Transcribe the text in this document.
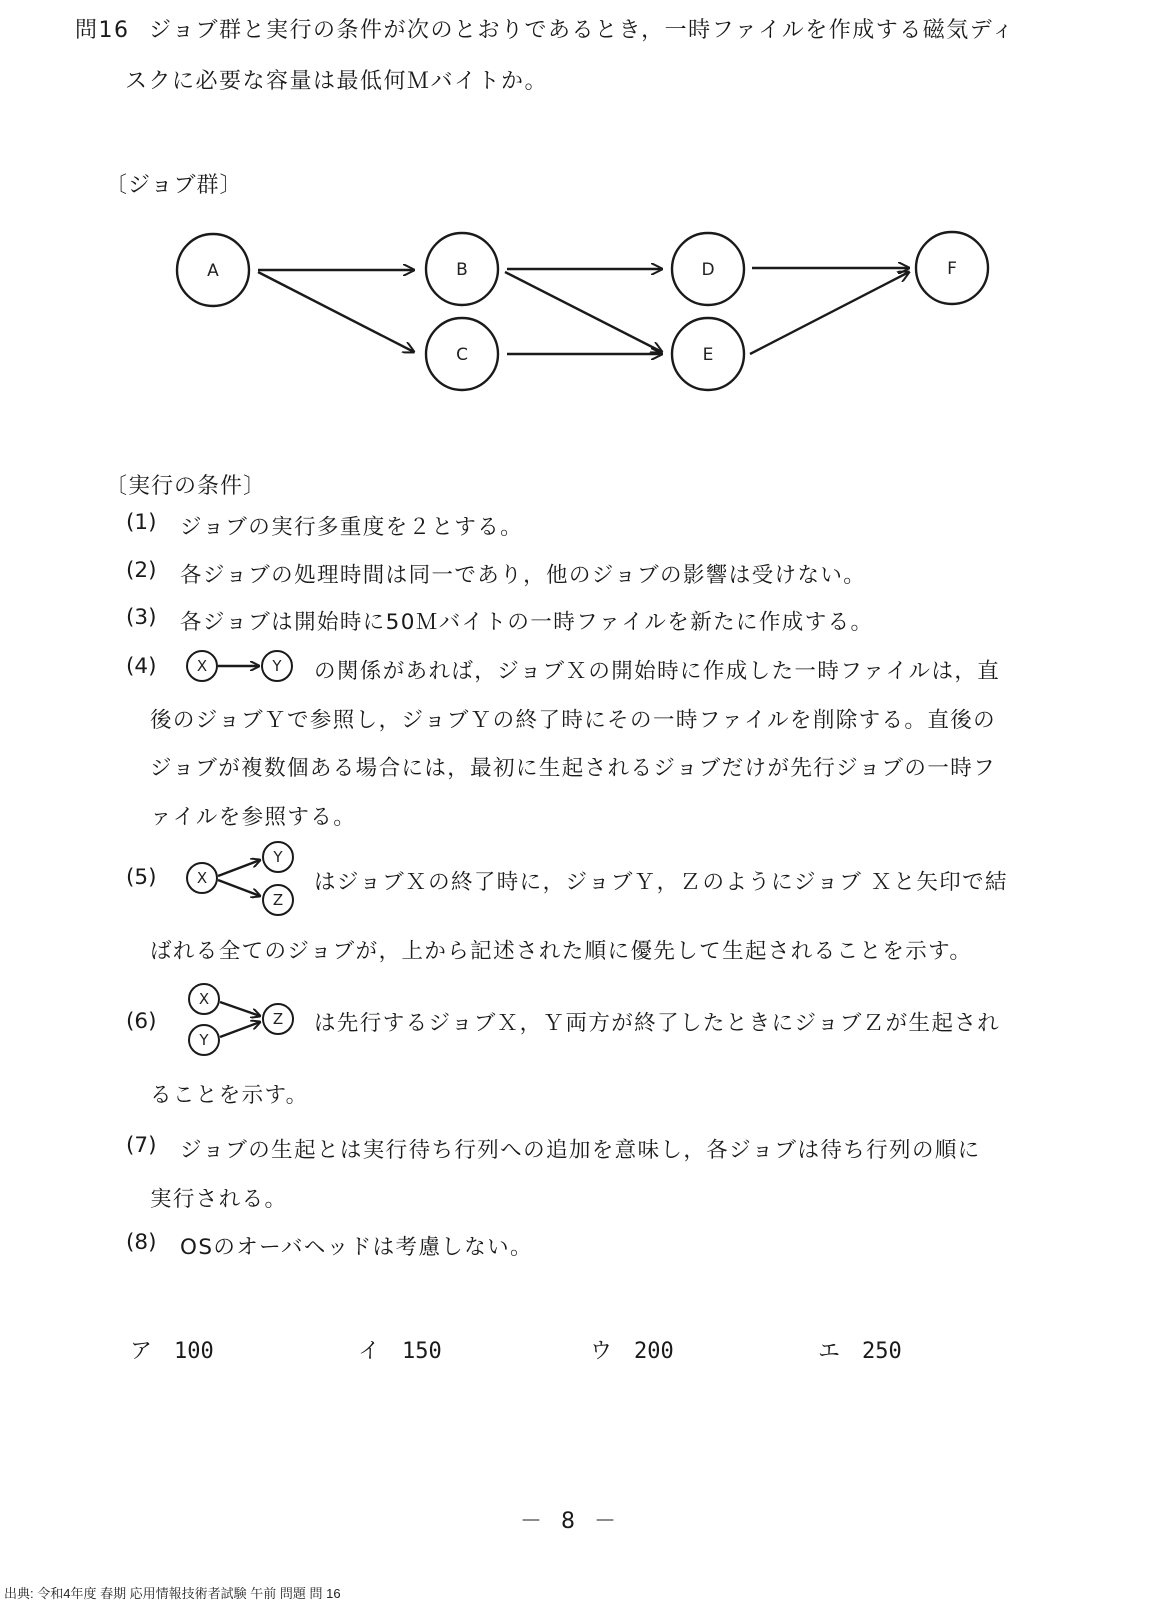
問16 ジョブ群と実行の条件が次のとおりであるとき，一時ファイルを作成する磁気ディ
スクに必要な容量は最低何Ｍバイトか。
〔ジョブ群〕
A	B
C
D
E
F
〔実行の条件〕
(1) ジョブの実行多重度を２とする。
(2) 各ジョブの処理時間は同一であり，他のジョブの影響は受けない。
(3) 各ジョブは開始時に50Ｍバイトの一時ファイルを新たに作成する。
(4)	X	Y の関係があれば，ジョブＸの開始時に作成した一時ファイルは，直
後のジョブＹで参照し，ジョブＹの終了時にその一時ファイルを削除する。直後の
ジョブが複数個ある場合には，最初に生起されるジョブだけが先行ジョブの一時フ
ァイルを参照する。
(5)	X
Y
Z
はジョブＸの終了時に，ジョブＹ，Ｚのようにジョブ Ｘと矢印で結
ばれる全てのジョブが，上から記述された順に優先して生起されることを示す。
(6)
X
Y
Z は先行するジョブＸ，Ｙ両方が終了したときにジョブＺが生起され
ることを示す。
(7) ジョブの生起とは実行待ち行列への追加を意味し，各ジョブは待ち行列の順に
実行される。
(8) OSのオーバヘッドは考慮しない。
ア 100	イ 150	ウ 200	エ 250
－ 8 －
出典: 令和4年度 春期 応用情報技術者試験 午前 問題 問 16
